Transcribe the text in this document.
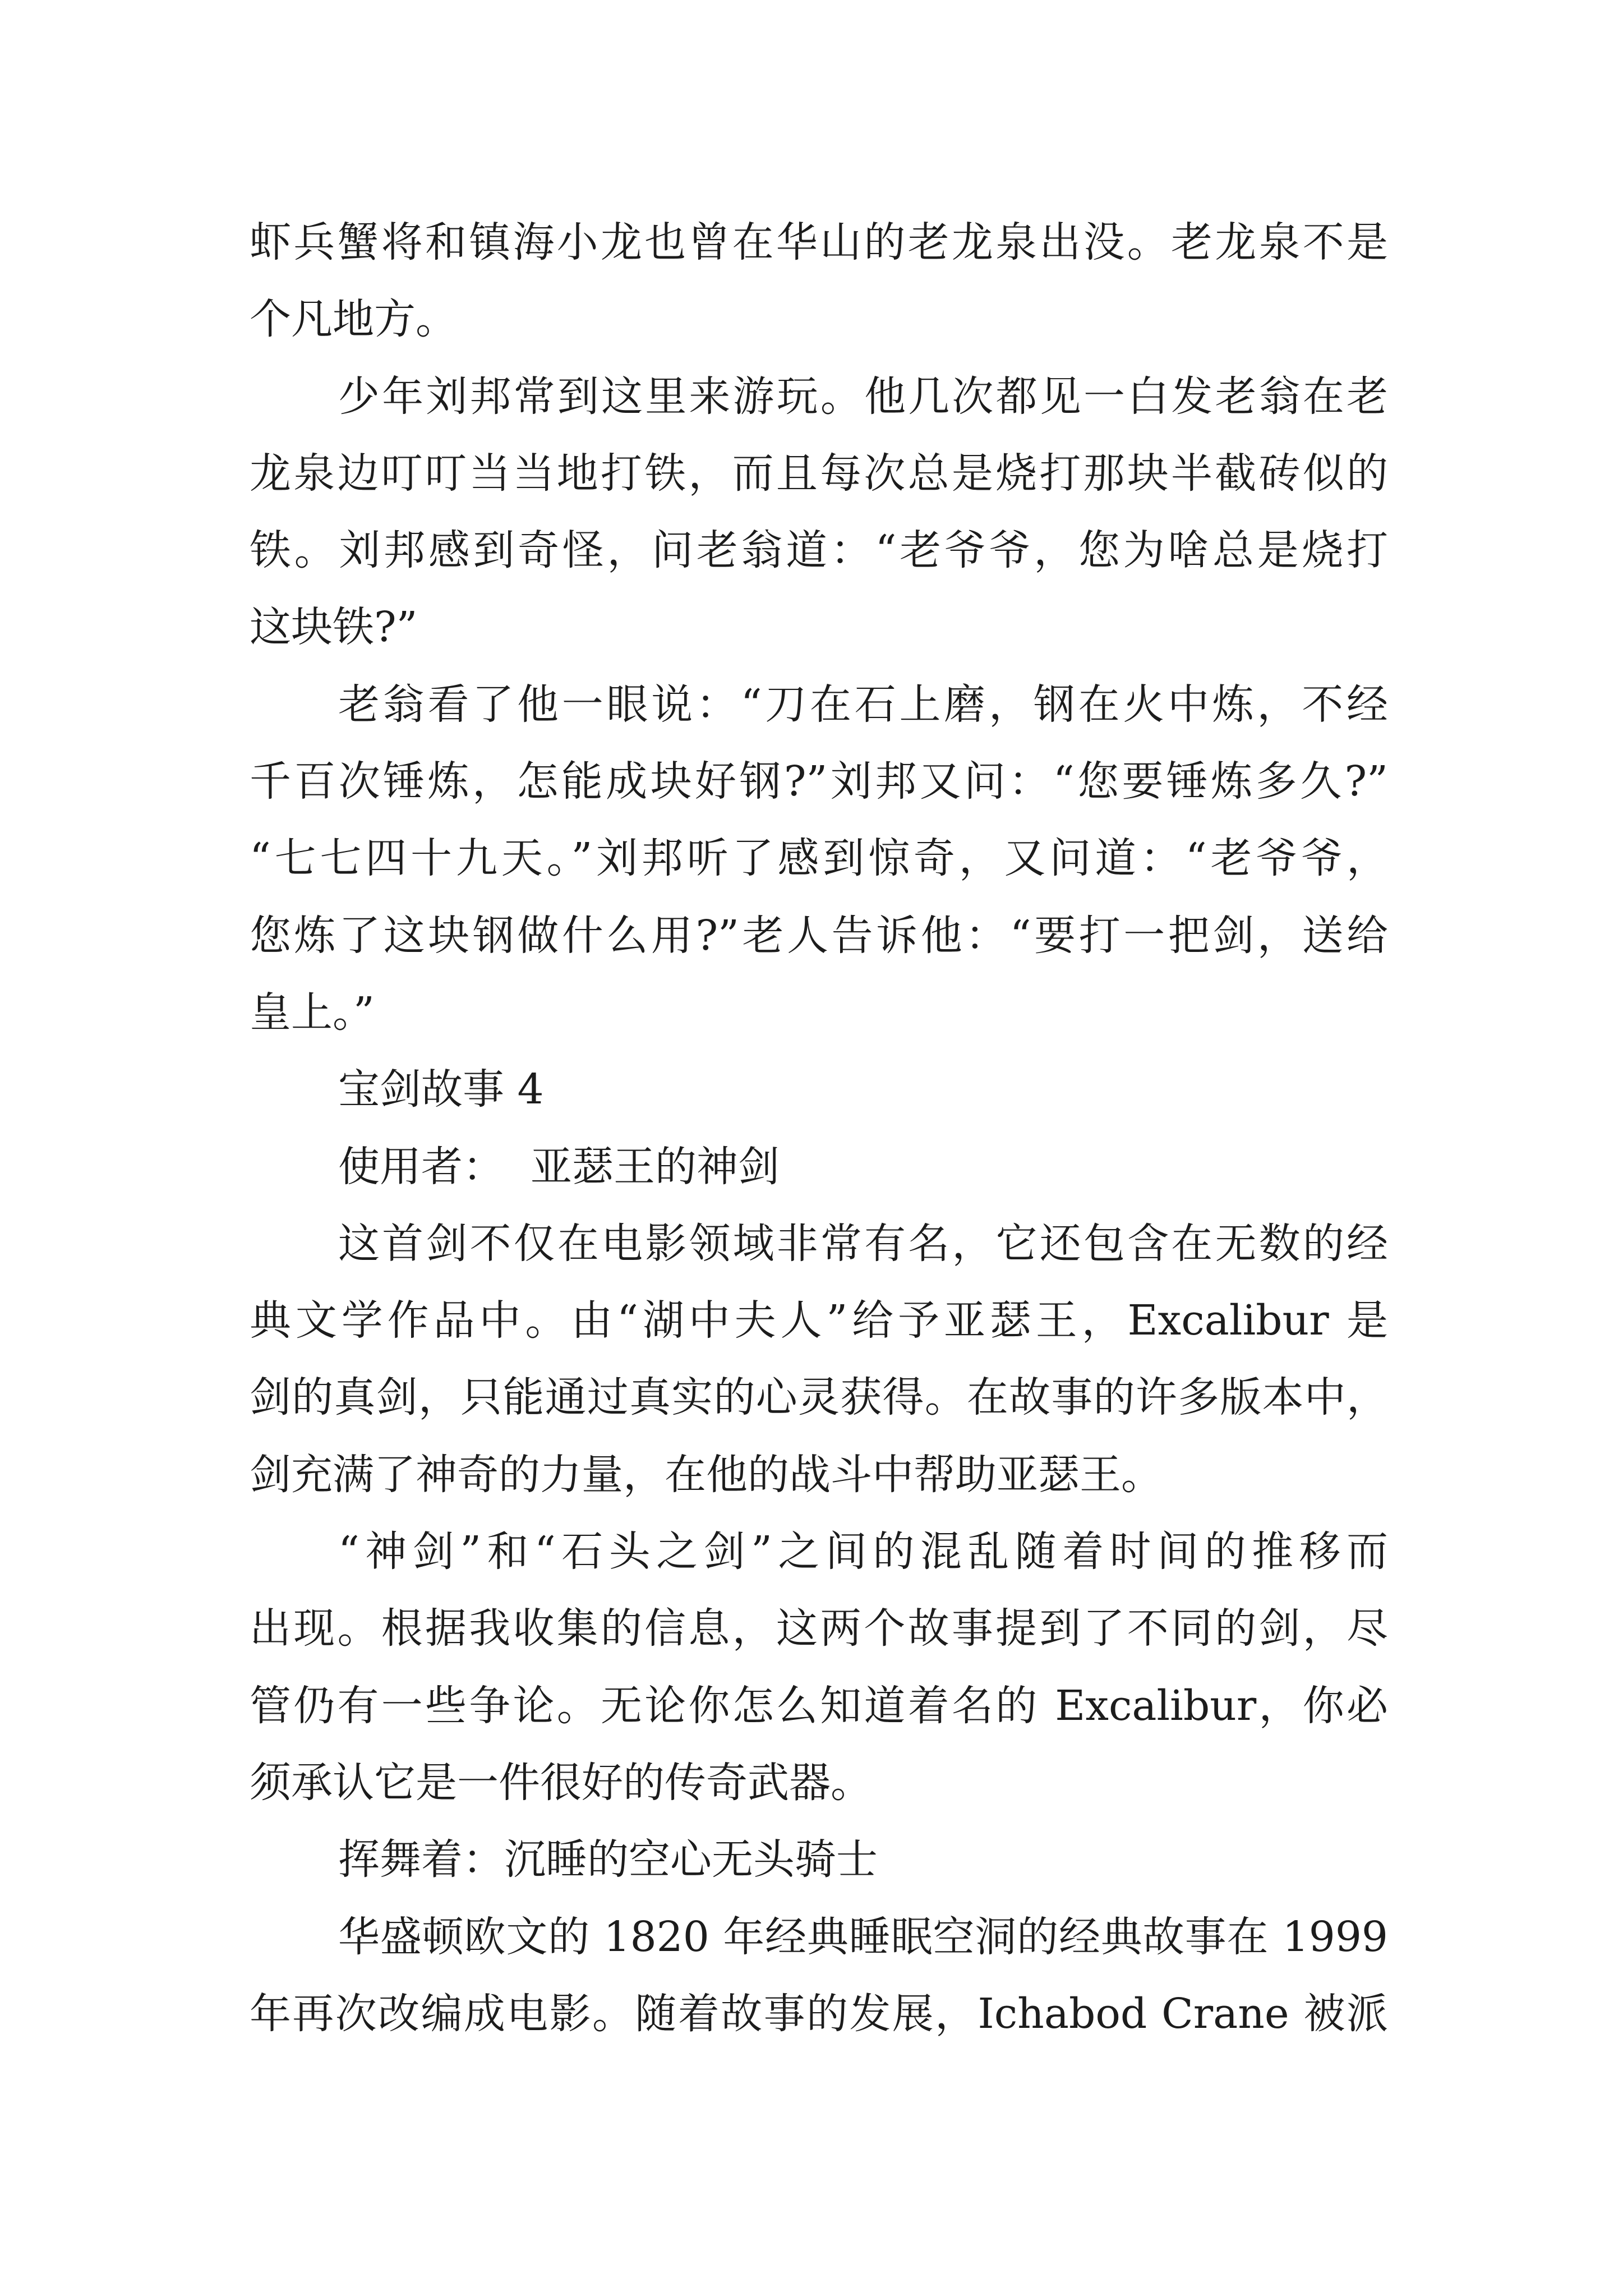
虾兵蟹将和镇海小龙也曾在华山的老龙泉出没。老龙泉不是
个凡地方。
少年刘邦常到这里来游玩。他几次都见一白发老翁在老
龙泉边叮叮当当地打铁，而且每次总是烧打那块半截砖似的
铁。刘邦感到奇怪，问老翁道：“老爷爷，您为啥总是烧打
这块铁?”
老翁看了他一眼说：“刀在石上磨，钢在火中炼，不经
千百次锤炼，怎能成块好钢?”刘邦又问：“您要锤炼多久?”
“七七四十九天。”刘邦听了感到惊奇，又问道：“老爷爷，
您炼了这块钢做什么用?”老人告诉他：“要打一把剑，送给
皇上。”
宝剑故事 4
使用者：  亚瑟王的神剑
这首剑不仅在电影领域非常有名，它还包含在无数的经
典文学作品中。由“湖中夫人”给予亚瑟王，Excalibur 是
剑的真剑，只能通过真实的心灵获得。在故事的许多版本中，
剑充满了神奇的力量，在他的战斗中帮助亚瑟王。
“神剑”和“石头之剑”之间的混乱随着时间的推移而
出现。根据我收集的信息，这两个故事提到了不同的剑，尽
管仍有一些争论。无论你怎么知道着名的 Excalibur，你必
须承认它是一件很好的传奇武器。
挥舞着：沉睡的空心无头骑士
华盛顿欧文的 1820 年经典睡眠空洞的经典故事在 1999
年再次改编成电影。随着故事的发展，Ichabod Crane 被派
